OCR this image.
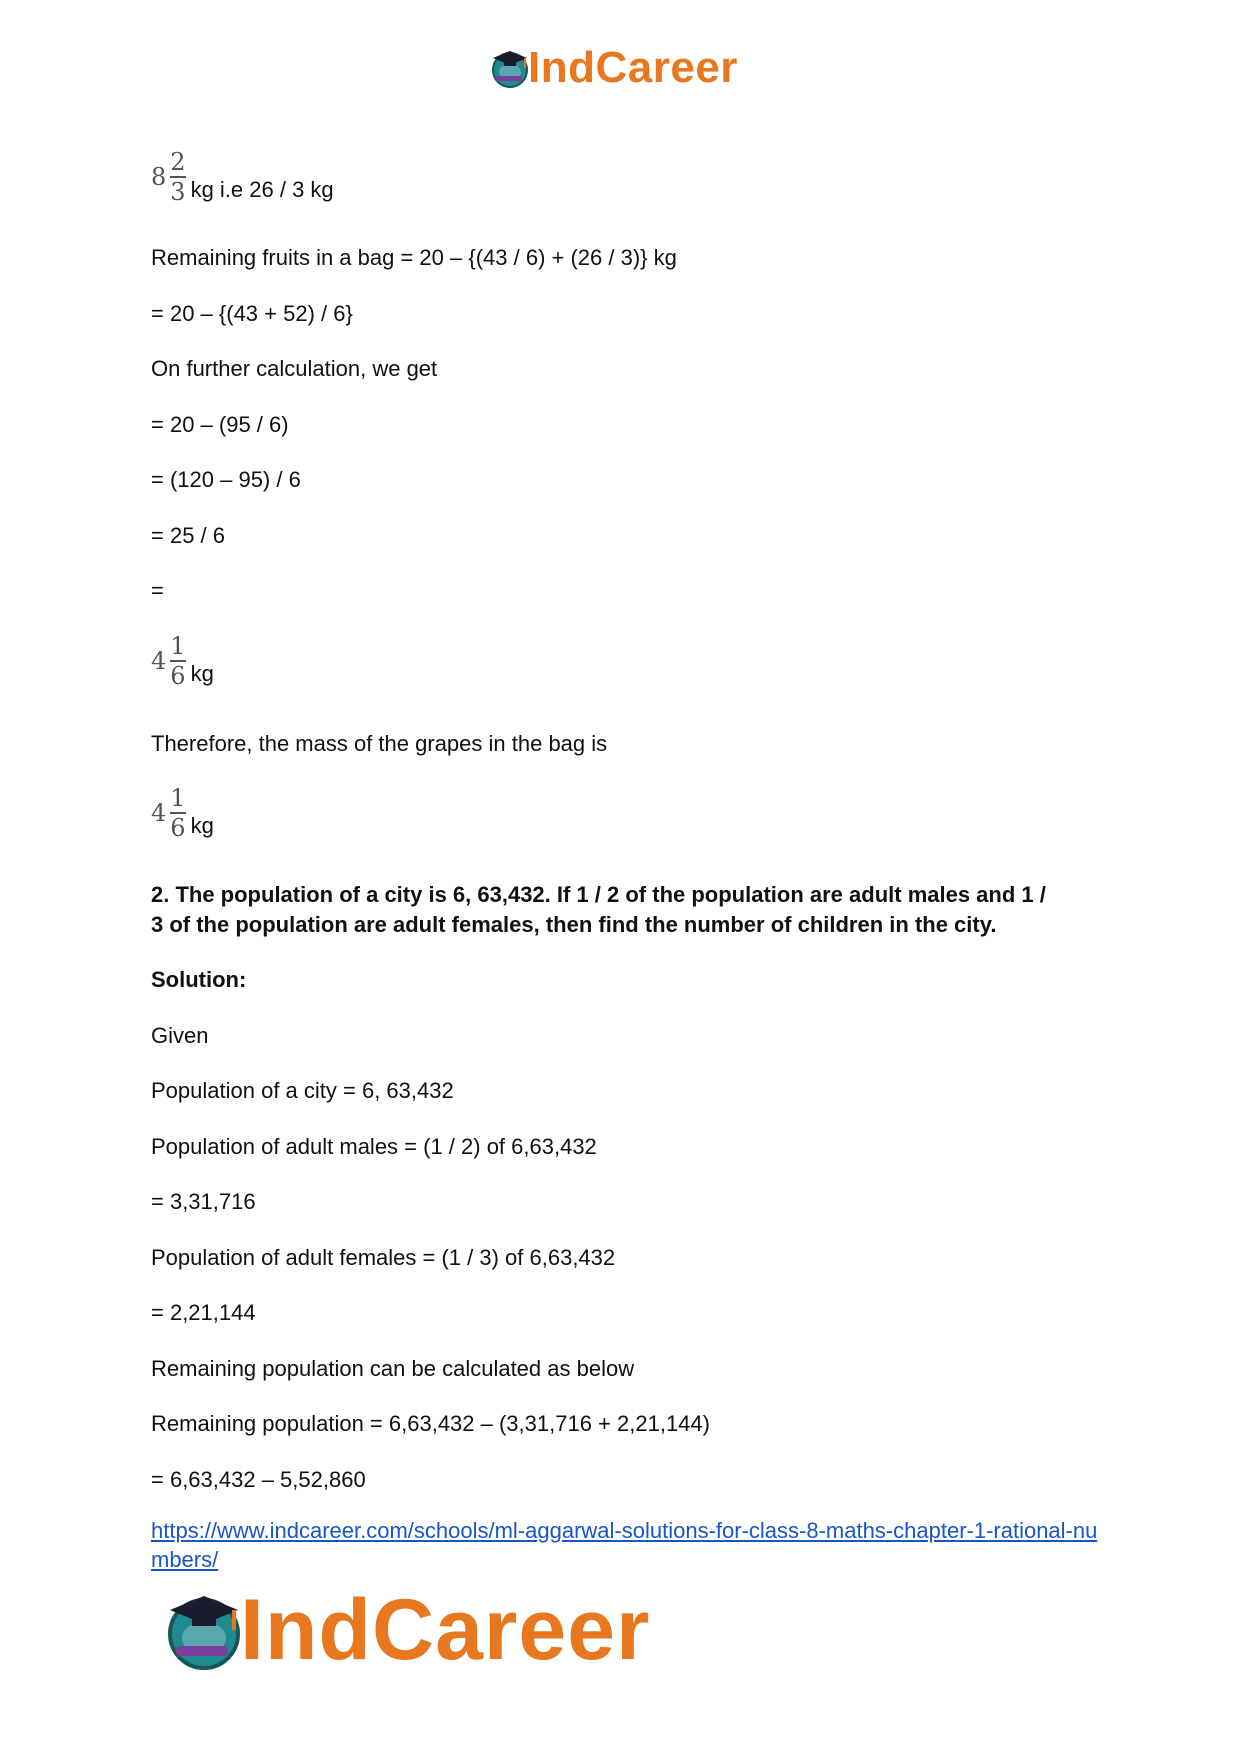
IndCareer
$8 \frac{2}{3}$ kg i.e 26 / 3 kg
Remaining fruits in a bag = 20 – {(43 / 6) + (26 / 3)} kg
= 20 – {(43 + 52) / 6}
On further calculation, we get
= 20 – (95 / 6)
= (120 – 95) / 6
= 25 / 6
=
$4 \frac{1}{6}$ kg
Therefore, the mass of the grapes in the bag is
$4 \frac{1}{6}$ kg
2. The population of a city is 6, 63,432. If 1 / 2 of the population are adult males and 1 /
3 of the population are adult females, then find the number of children in the city.
Solution:
Given
Population of a city = 6, 63,432
Population of adult males = (1 / 2) of 6,63,432
= 3,31,716
Population of adult females = (1 / 3) of 6,63,432
= 2,21,144
Remaining population can be calculated as below
Remaining population = 6,63,432 – (3,31,716 + 2,21,144)
= 6,63,432 – 5,52,860
https://www.indcareer.com/schools/ml-aggarwal-solutions-for-class-8-maths-chapter-1-rational-numbers/
IndCareer
